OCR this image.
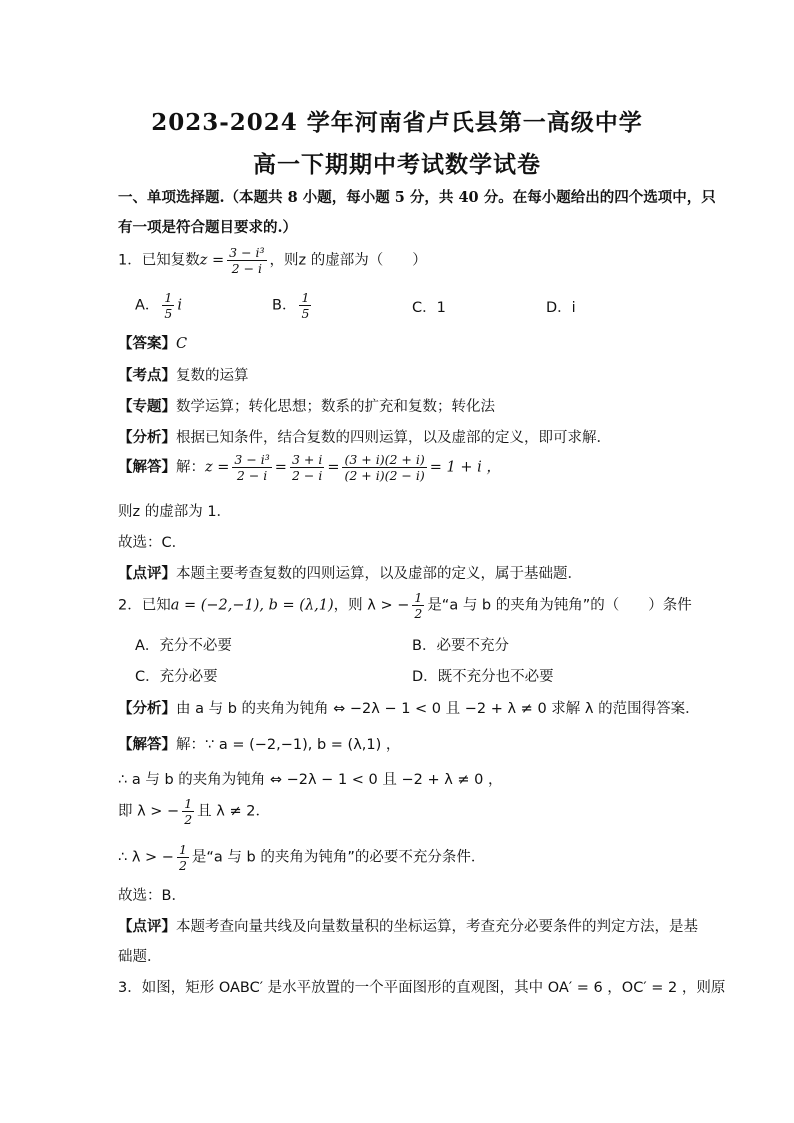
2023-2024 学年河南省卢氏县第一高级中学
高一下期期中考试数学试卷
一、单项选择题.（本题共 8 小题，每小题 5 分，共 40 分。在每小题给出的四个选项中，只
有一项是符合题目要求的.）
1．已知复数$z = \frac{\text{3 − i³}}{2 - i}$ ，则z 的虚部为（　　）
A． $\frac{1}{5}$ i	B． $\frac{1}{5}$	C．1	D．i
【答案】C
【考点】复数的运算
【专题】数学运算；转化思想；数系的扩充和复数；转化法
【分析】根据已知条件，结合复数的四则运算，以及虚部的定义，即可求解．
【解答】解：$z = \frac{\text{3 − i³}}{2 - i} = \frac{3 + i}{2 - i} = \frac{(3 + i)(2 + i)}{(2 + i)(2 - i)} = 1 + i$ ，
则z 的虚部为 1．
故选：C．
【点评】本题主要考查复数的四则运算，以及虚部的定义，属于基础题．
2．已知a = (−2,−1), b = (λ,1)，则 λ > − $\frac{1}{2}$ 是“a 与 b 的夹角为钝角”的（　　）条件
A．充分不必要	B．必要不充分
C．充分必要	D．既不充分也不必要
【分析】由 a 与 b 的夹角为钝角 ⇔ −2λ − 1 < 0 且 −2 + λ ≠ 0 求解 λ 的范围得答案．
【解答】解：∵ a = (−2,−1), b = (λ,1) ，
∴ a 与 b 的夹角为钝角 ⇔ −2λ − 1 < 0 且 −2 + λ ≠ 0 ，
即 λ > − $\frac{1}{2}$ 且 λ ≠ 2．
∴ λ > − $\frac{1}{2}$ 是“a 与 b 的夹角为钝角”的必要不充分条件．
故选：B．
【点评】本题考查向量共线及向量数量积的坐标运算，考查充分必要条件的判定方法，是基
础题．
3．如图，矩形 OABC′ 是水平放置的一个平面图形的直观图，其中 OA′ = 6 ，OC′ = 2 ，则原
